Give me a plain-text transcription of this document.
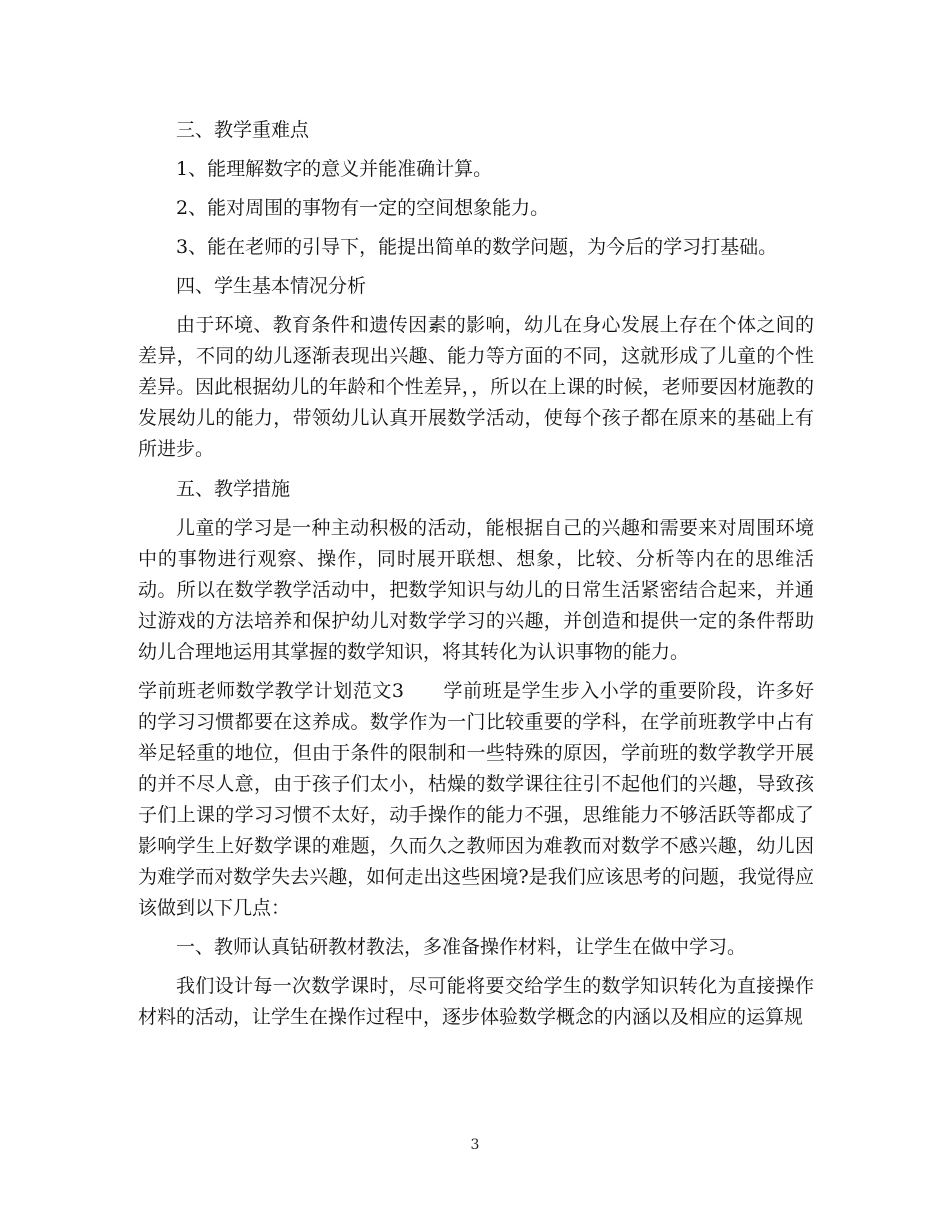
三、教学重难点

1、能理解数字的意义并能准确计算。

2、能对周围的事物有一定的空间想象能力。

3、能在老师的引导下，能提出简单的数学问题，为今后的学习打基础。

四、学生基本情况分析

由于环境、教育条件和遗传因素的影响，幼儿在身心发展上存在个体之间的差异，不同的幼儿逐渐表现出兴趣、能力等方面的不同，这就形成了儿童的个性差异。因此根据幼儿的年龄和个性差异，，所以在上课的时候，老师要因材施教的发展幼儿的能力，带领幼儿认真开展数学活动，使每个孩子都在原来的基础上有所进步。

五、教学措施

儿童的学习是一种主动积极的活动，能根据自己的兴趣和需要来对周围环境中的事物进行观察、操作，同时展开联想、想象，比较、分析等内在的思维活动。所以在数学教学活动中，把数学知识与幼儿的日常生活紧密结合起来，并通过游戏的方法培养和保护幼儿对数学学习的兴趣，并创造和提供一定的条件帮助幼儿合理地运用其掌握的数学知识，将其转化为认识事物的能力。

学前班老师数学教学计划范文3　　学前班是学生步入小学的重要阶段，许多好的学习习惯都要在这养成。数学作为一门比较重要的学科，在学前班教学中占有举足轻重的地位，但由于条件的限制和一些特殊的原因，学前班的数学教学开展的并不尽人意，由于孩子们太小，枯燥的数学课往往引不起他们的兴趣，导致孩子们上课的学习习惯不太好，动手操作的能力不强，思维能力不够活跃等都成了影响学生上好数学课的难题，久而久之教师因为难教而对数学不感兴趣，幼儿因为难学而对数学失去兴趣，如何走出这些困境?是我们应该思考的问题，我觉得应该做到以下几点：

一、教师认真钻研教材教法，多准备操作材料，让学生在做中学习。

我们设计每一次数学课时，尽可能将要交给学生的数学知识转化为直接操作材料的活动，让学生在操作过程中，逐步体验数学概念的内涵以及相应的运算规

3
